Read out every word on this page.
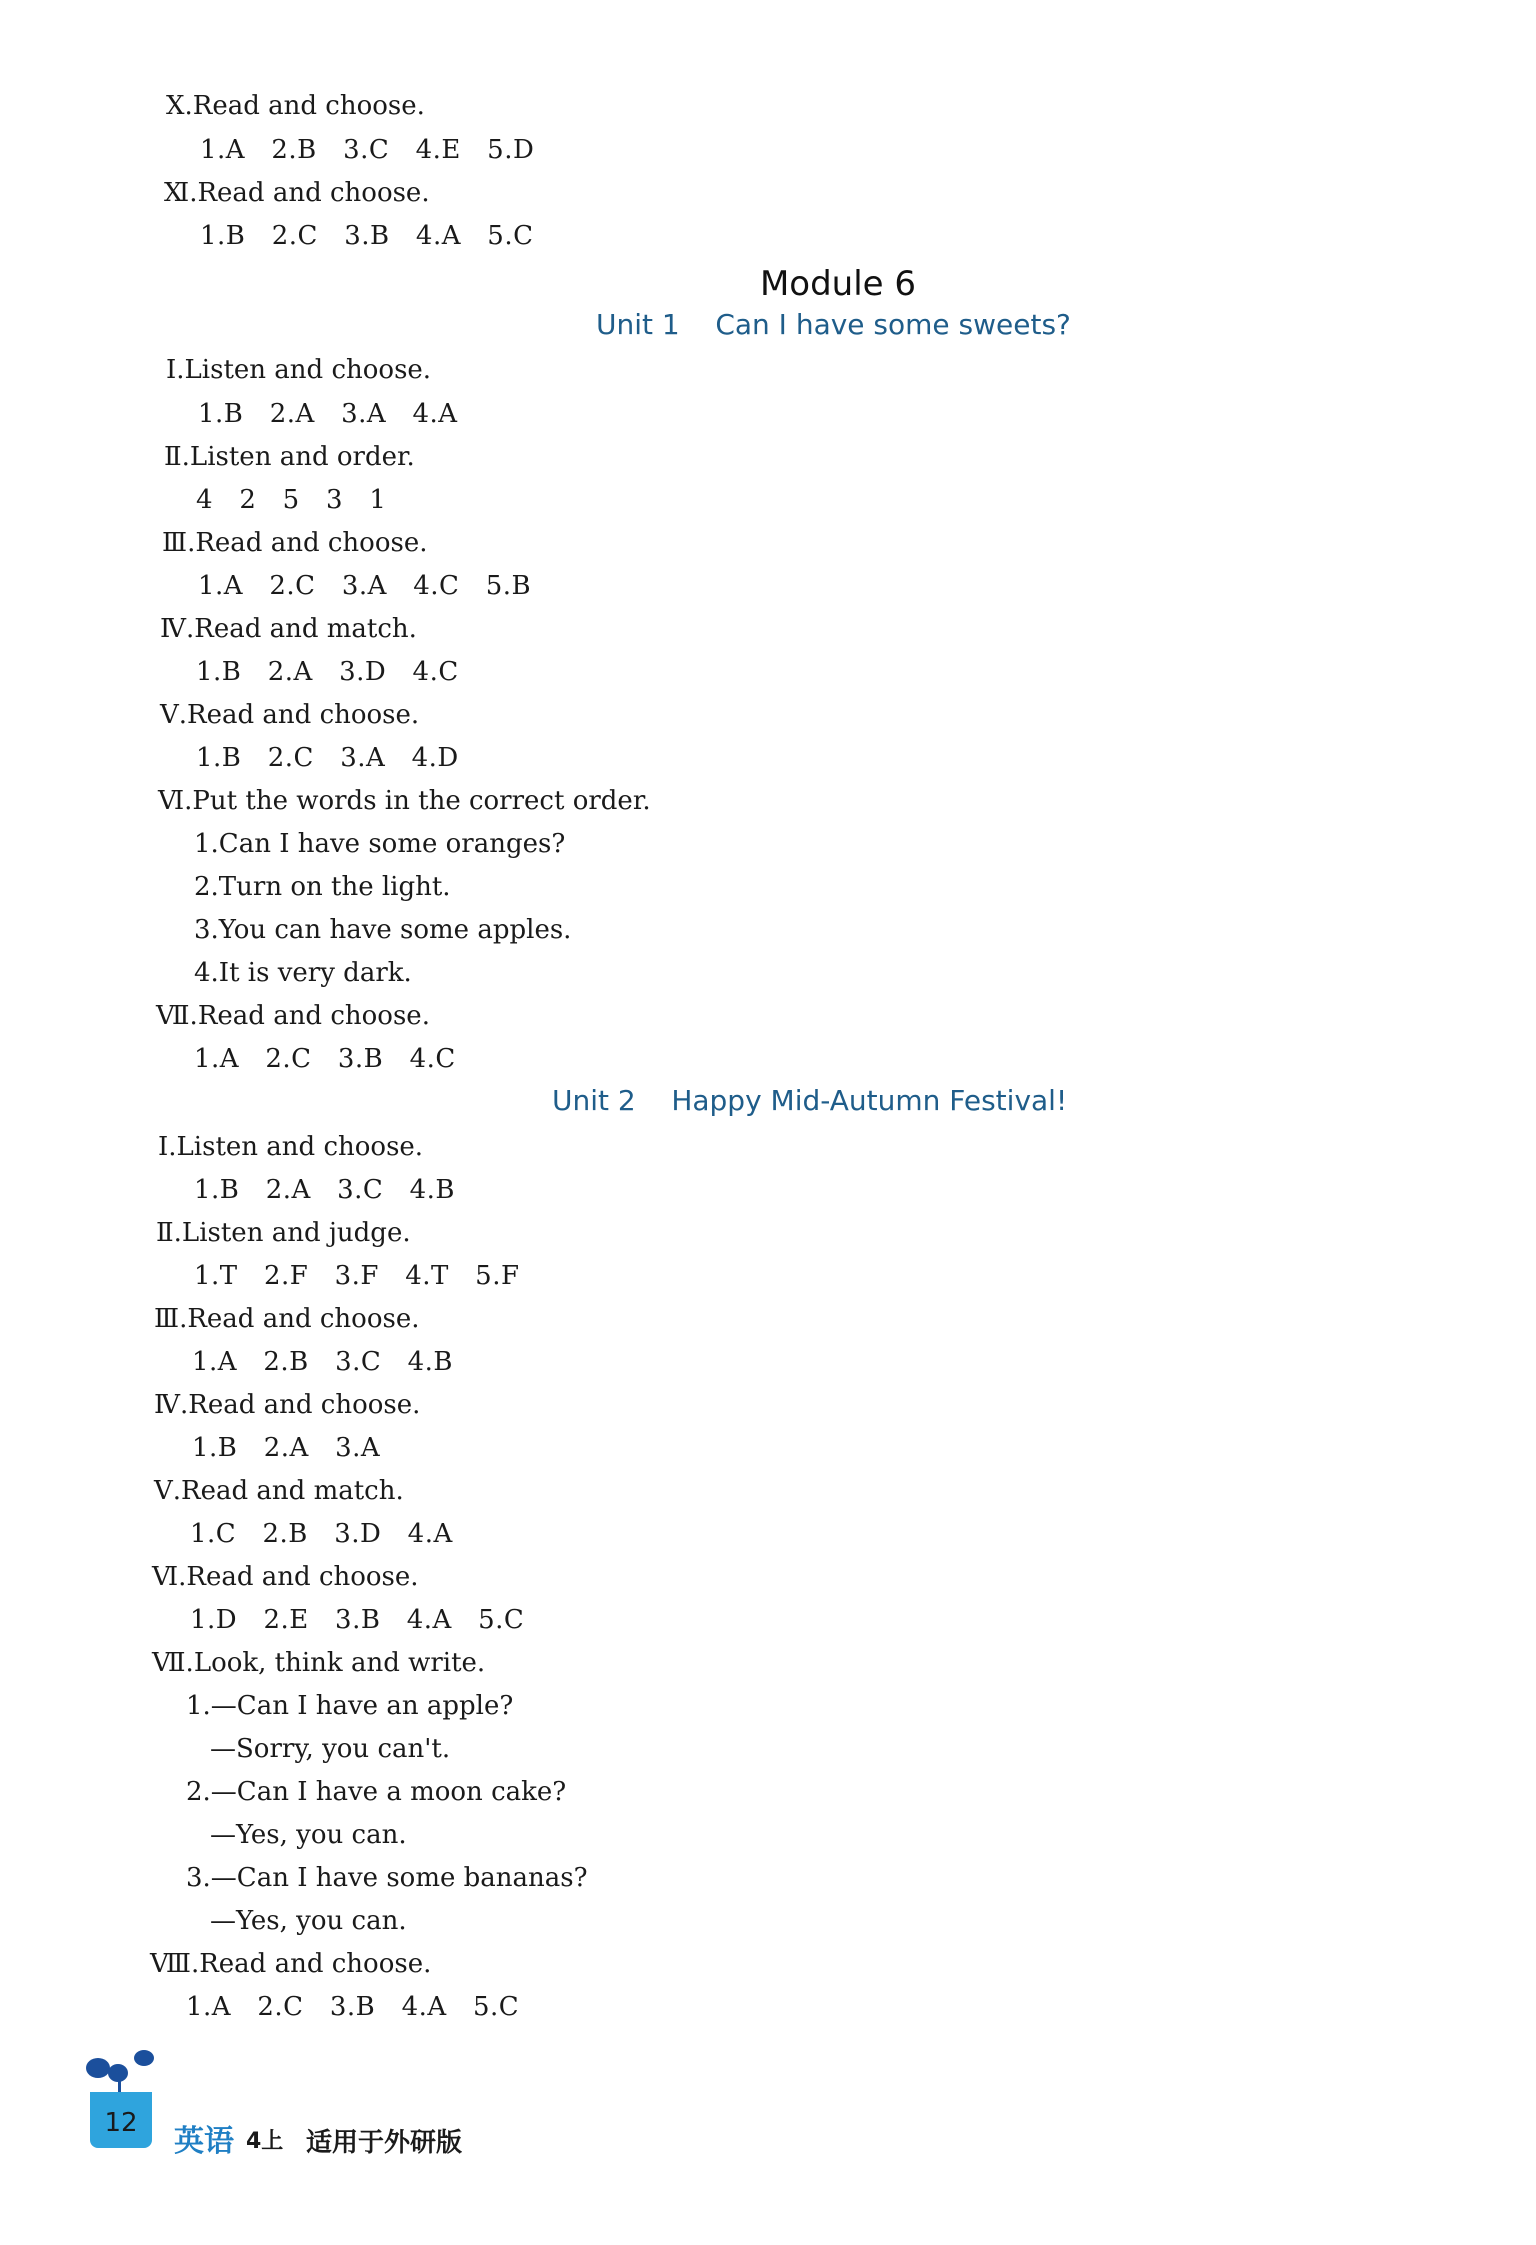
Ⅹ.Read and choose.
1.A   2.B   3.C   4.E   5.D
Ⅺ.Read and choose.
1.B   2.C   3.B   4.A   5.C
Module 6
Unit 1    Can I have some sweets?
Ⅰ.Listen and choose.
1.B   2.A   3.A   4.A
Ⅱ.Listen and order.
4   2   5   3   1
Ⅲ.Read and choose.
1.A   2.C   3.A   4.C   5.B
Ⅳ.Read and match.
1.B   2.A   3.D   4.C
Ⅴ.Read and choose.
1.B   2.C   3.A   4.D
Ⅵ.Put the words in the correct order.
1.Can I have some oranges?
2.Turn on the light.
3.You can have some apples.
4.It is very dark.
Ⅶ.Read and choose.
1.A   2.C   3.B   4.C
Unit 2    Happy Mid-Autumn Festival!
Ⅰ.Listen and choose.
1.B   2.A   3.C   4.B
Ⅱ.Listen and judge.
1.T   2.F   3.F   4.T   5.F
Ⅲ.Read and choose.
1.A   2.B   3.C   4.B
Ⅳ.Read and choose.
1.B   2.A   3.A
Ⅴ.Read and match.
1.C   2.B   3.D   4.A
Ⅵ.Read and choose.
1.D   2.E   3.B   4.A   5.C
Ⅶ.Look, think and write.
1.—Can I have an apple?
—Sorry, you can't.
2.—Can I have a moon cake?
—Yes, you can.
3.—Can I have some bananas?
—Yes, you can.
Ⅷ.Read and choose.
1.A   2.C   3.B   4.A   5.C
12
英语 4上 适用于外研版
